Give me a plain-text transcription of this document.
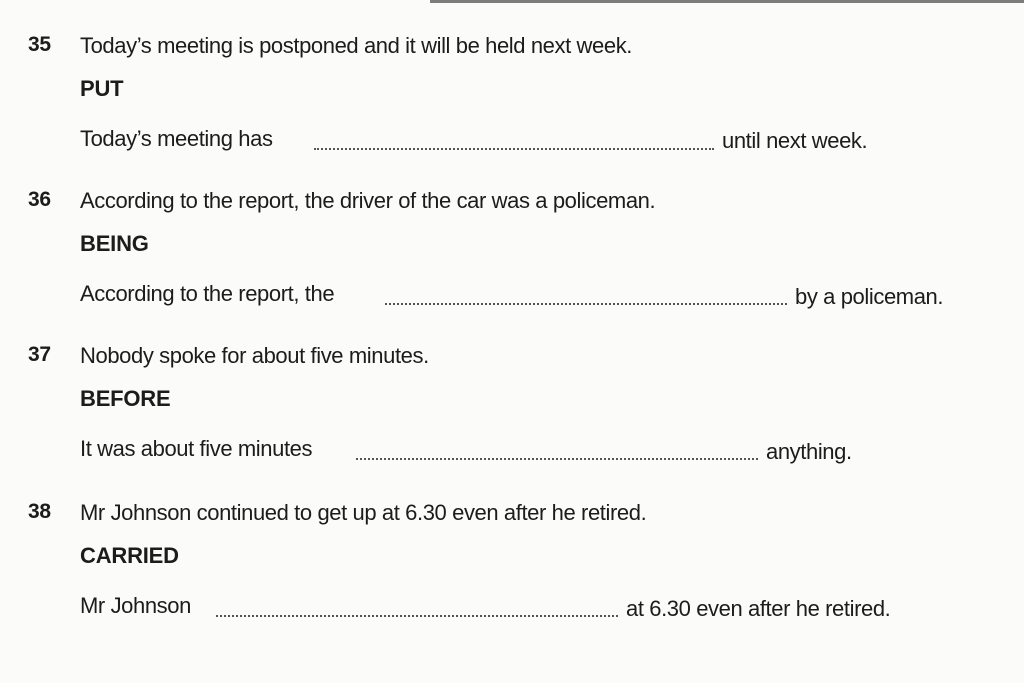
35 Today’s meeting is postponed and it will be held next week.
PUT
Today’s meeting has	until next week.
36 According to the report, the driver of the car was a policeman.
BEING
According to the report, the	by a policeman.
37 Nobody spoke for about five minutes.
BEFORE
It was about five minutes	anything.
38 Mr Johnson continued to get up at 6.30 even after he retired.
CARRIED
Mr Johnson	at 6.30 even after he retired.
